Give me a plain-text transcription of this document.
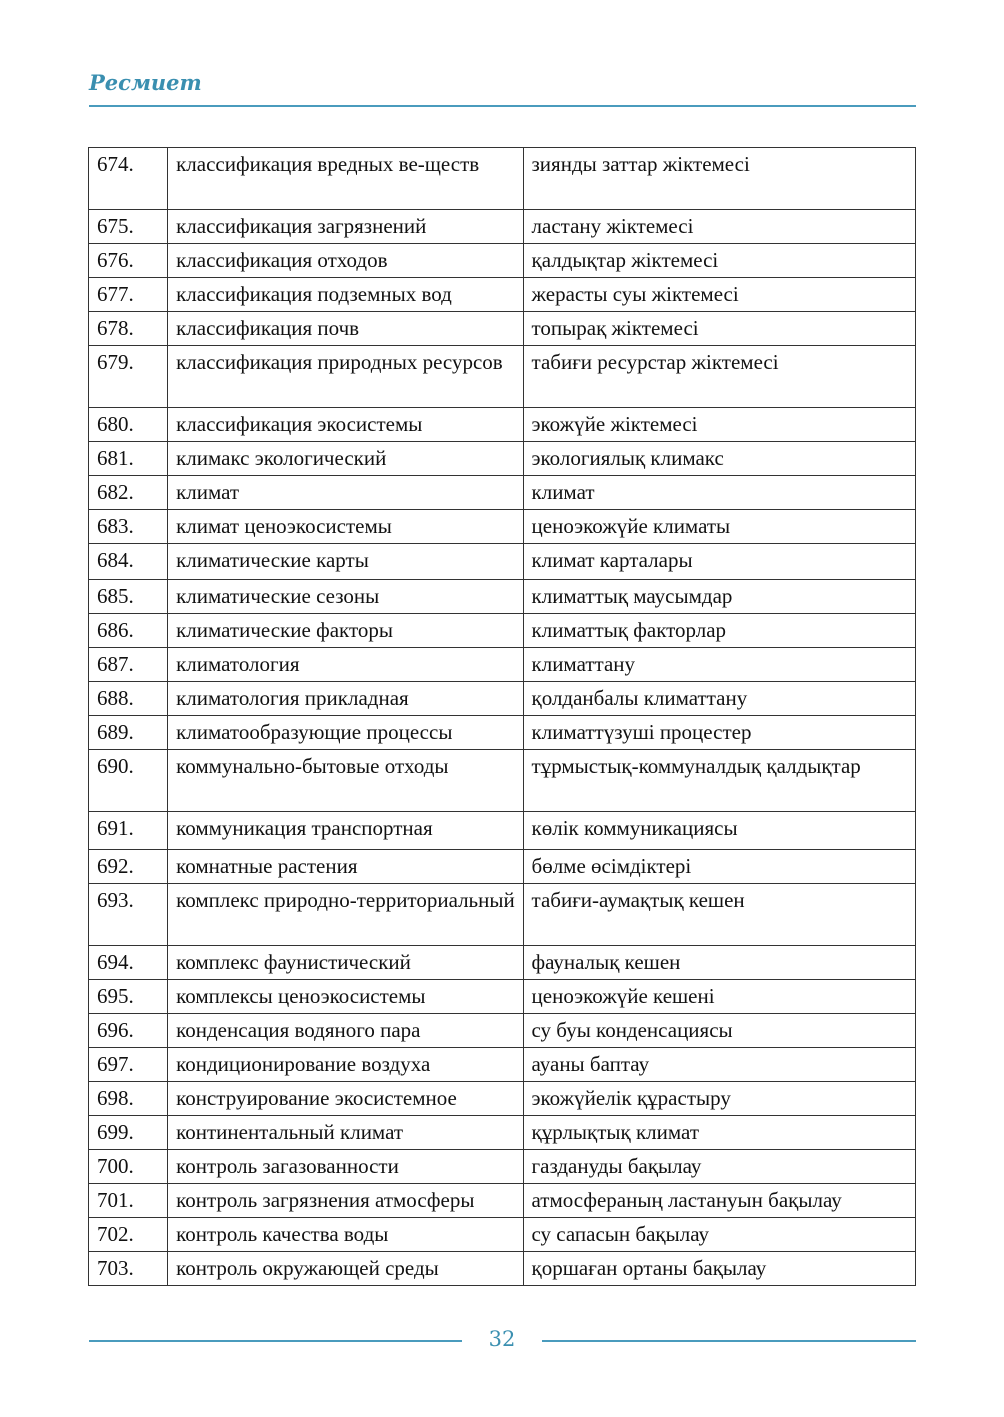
Ресмиет
674.	классификация вредных ве-ществ	зиянды заттар жіктемесі
675.	классификация загрязнений	ластану жіктемесі
676.	классификация отходов	қалдықтар жіктемесі
677.	классификация подземных вод	жерасты суы жіктемесі
678.	классификация почв	топырақ жіктемесі
679.	классификация природных ресурсов	табиғи ресурстар жіктемесі
680.	классификация экосистемы	экожүйе жіктемесі
681.	климакс экологический	экологиялық климакс
682.	климат	климат
683.	климат ценоэкосистемы	ценоэкожүйе климаты
684.	климатические карты	климат карталары
685.	климатические сезоны	климаттық маусымдар
686.	климатические факторы	климаттық факторлар
687.	климатология	климаттану
688.	климатология прикладная	қолданбалы климаттану
689.	климатообразующие процессы	климаттүзуші процестер
690.	коммунально-бытовые отходы	тұрмыстық-коммуналдық қалдықтар
691.	коммуникация транспортная	көлік коммуникациясы
692.	комнатные растения	бөлме өсімдіктері
693.	комплекс природно-территориальный	табиғи-аумақтық кешен
694.	комплекс фаунистический	фауналық кешен
695.	комплексы ценоэкосистемы	ценоэкожүйе кешені
696.	конденсация водяного пара	су буы конденсациясы
697.	кондиционирование воздуха	ауаны баптау
698.	конструирование экосистемное	экожүйелік құрастыру
699.	континентальный климат	құрлықтық климат
700.	контроль загазованности	газдануды бақылау
701.	контроль загрязнения атмосферы	атмосфераның ластануын бақылау
702.	контроль качества воды	су сапасын бақылау
703.	контроль окружающей среды	қоршаған ортаны бақылау
32
